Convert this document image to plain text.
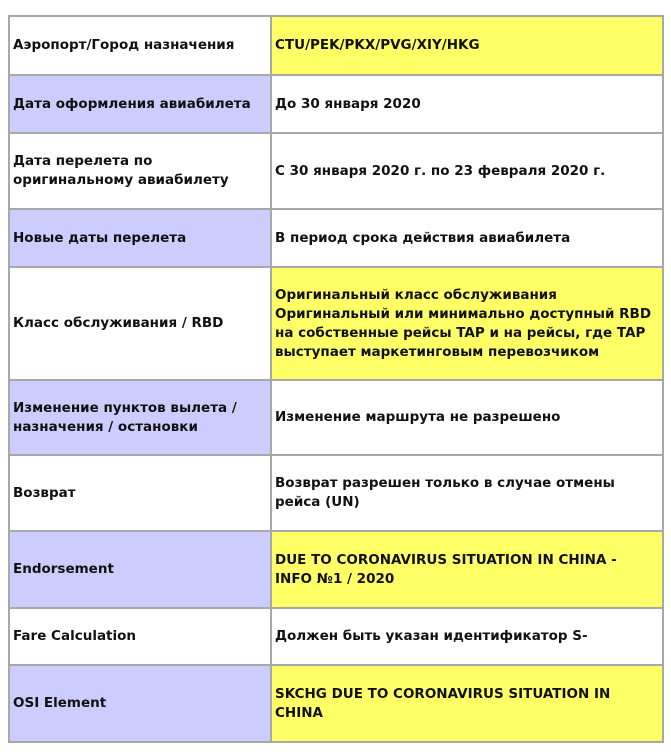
Аэропорт/Город назначения	CTU/PEK/PKX/PVG/XIY/HKG

Дата оформления авиабилета	До 30 января 2020

Дата перелета по
оригинальному авиабилету	С 30 января 2020 г. по 23 февраля 2020 г.

Новые даты перелета	В период срока действия авиабилета

Класс обслуживания / RBD	Оригинальный класс обслуживания
Оригинальный или минимально доступный RBD
на собственные рейсы TAP и на рейсы, где TAP
выступает маркетинговым перевозчиком

Изменение пунктов вылета /
назначения / остановки	Изменение маршрута не разрешено

Возврат	Возврат разрешен только в случае отмены
рейса (UN)

Endorsement	DUE TO CORONAVIRUS SITUATION IN CHINA -
INFO №1 / 2020

Fare Calculation	Должен быть указан идентификатор S-

OSI Element	SKCHG DUE TO CORONAVIRUS SITUATION IN
CHINA
